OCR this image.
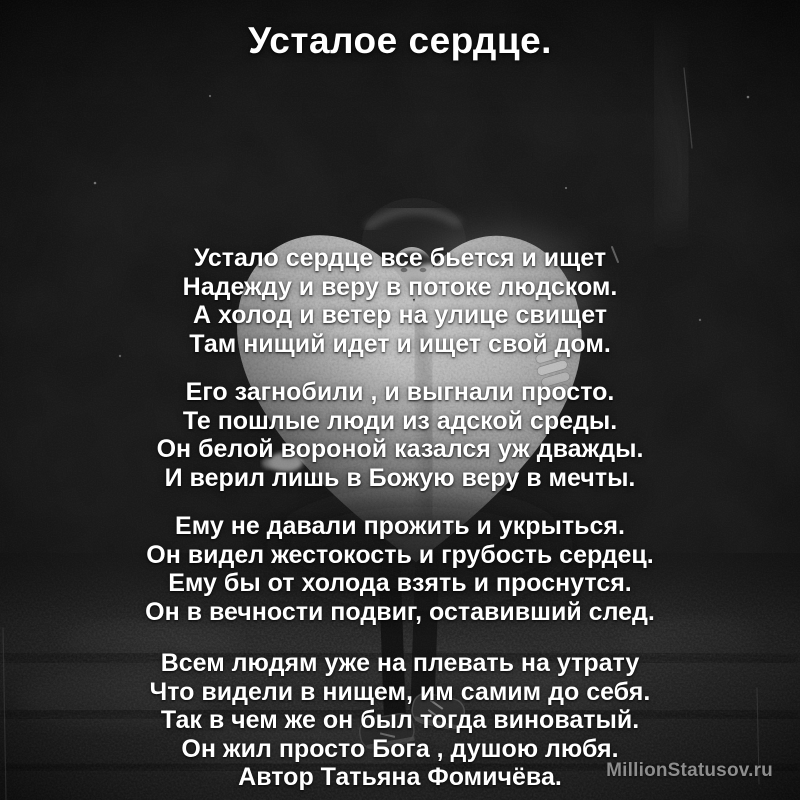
Усталое сердце.
Устало сердце все бьется и ищет
Надежду и веру в потоке людском.
А холод и ветер на улице свищет
Там нищий идет и ищет свой дом.
Его загнобили , и выгнали просто.
Те пошлые люди из адской среды.
Он белой вороной казался уж дважды.
И верил лишь в Божую веру в мечты.
Ему не давали прожить и укрыться.
Он видел жестокость и грубость сердец.
Ему бы от холода взять и проснутся.
Он в вечности подвиг, оставивший след.
Всем людям уже на плевать на утрату
Что видели в нищем, им самим до себя.
Так в чем же он был тогда виноватый.
Он жил просто Бога , душою любя.
Автор Татьяна Фомичёва.	MillionStatusov.ru
